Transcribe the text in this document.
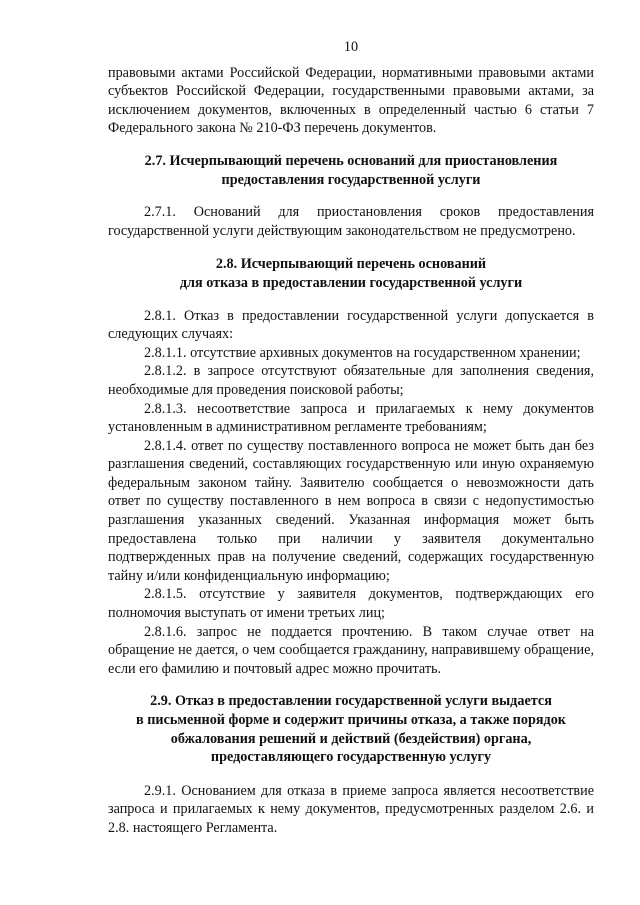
10

правовыми актами Российской Федерации, нормативными правовыми актами субъектов Российской Федерации, государственными правовыми актами, за исключением документов, включенных в определенный частью 6 статьи 7 Федерального закона № 210-ФЗ перечень документов.

2.7. Исчерпывающий перечень оснований для приостановления
предоставления государственной услуги

2.7.1. Оснований для приостановления сроков предоставления государственной услуги действующим законодательством не предусмотрено.

2.8. Исчерпывающий перечень оснований
для отказа в предоставлении государственной услуги

2.8.1. Отказ в предоставлении государственной услуги допускается в следующих случаях:

2.8.1.1. отсутствие архивных документов на государственном хранении;

2.8.1.2. в запросе отсутствуют обязательные для заполнения сведения, необходимые для проведения поисковой работы;

2.8.1.3. несоответствие запроса и прилагаемых к нему документов установленным в административном регламенте требованиям;

2.8.1.4. ответ по существу поставленного вопроса не может быть дан без разглашения сведений, составляющих государственную или иную охраняемую федеральным законом тайну. Заявителю сообщается о невозможности дать ответ по существу поставленного в нем вопроса в связи с недопустимостью разглашения указанных сведений. Указанная информация может быть предоставлена только при наличии у заявителя документально подтвержденных прав на получение сведений, содержащих государственную тайну и/или конфиденциальную информацию;

2.8.1.5. отсутствие у заявителя документов, подтверждающих его полномочия выступать от имени третьих лиц;

2.8.1.6. запрос не поддается прочтению. В таком случае ответ на обращение не дается, о чем сообщается гражданину, направившему обращение, если его фамилию и почтовый адрес можно прочитать.

2.9. Отказ в предоставлении государственной услуги выдается
в письменной форме и содержит причины отказа, а также порядок
обжалования решений и действий (бездействия) органа,
предоставляющего государственную услугу

2.9.1. Основанием для отказа в приеме запроса является несоответствие запроса и прилагаемых к нему документов, предусмотренных разделом 2.6. и 2.8. настоящего Регламента.
